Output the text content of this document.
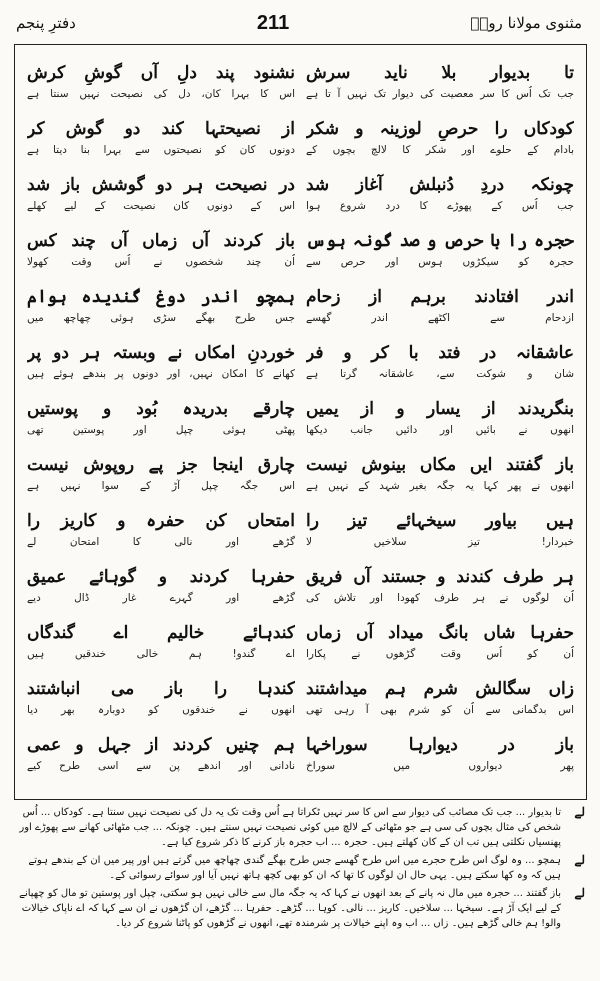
دفترِ پنجم	211	مثنوی مولانا رومؒ
تا بدیوار بلا ناید سرش
نشنود پند دلِ آں گوشِ کرش
جب تک اُس کا سر معصیت کی دیوار تک نہیں آ تا ہے
اس کا بہرا کان، دل کی نصیحت نہیں سنتا ہے
کودکاں را حرصِ لوزینہ و شکر
از نصیحتہا کند دو گوش کر
بادام کے حلوے اور شکر کا لالچ بچوں کے
دونوں کان کو نصیحتوں سے بہرا بنا دیتا ہے
چونکہ دردِ دُنبلش آغاز شد
در نصیحت ہر دو گوشش باز شد
جب اُس کے پھوڑے کا درد شروع ہوا
اس کے دونوں کان نصیحت کے لیے کھلے
حجرہ را با حرص و صد گونہ ہوس
باز کردند آں زماں آں چند کس
حجرہ کو سیکڑوں ہوس اور حرص سے
اُن چند شخصوں نے اُس وقت کھولا
اندر افتادند برہم از زحام
ہمچو اندر دوغ گندیدہ ہوام
ازدحام سے اکٹھے اندر گھسے
جس طرح بھگے سڑی ہوئی چھاچھ میں
عاشقانہ در فتد با کر و فر
خوردنِ امکاں نے وبستہ ہر دو پر
شان و شوکت سے، عاشقانہ گرتا ہے
کھانے کا امکان نہیں، اور دونوں پر بندھے ہوئے ہیں
بنگریدند از یسار و از یمیں
چارقے بدریدہ بُود و پوستیں
انھوں نے بائیں اور دائیں جانب دیکھا
پھٹی ہوئی چپل اور پوستین تھی
باز گفتند ایں مکاں بینوش نیست
چارق اینجا جز پے روپوش نیست
انھوں نے پھر کہا یہ جگہ بغیر شہد کے نہیں ہے
اس جگہ چپل آڑ کے سوا نہیں ہے
ہیں بیاور سیخہائے تیز را
امتحاں کن حفرہ و کاریز را
خبردار! تیز سلاخیں لا
گڑھے اور نالی کا امتحان لے
ہر طرف کندند و جستند آں فریق
حفرہا کردند و گوہائے عمیق
اُن لوگوں نے ہر طرف کھودا اور تلاش کی
گڑھے اور گہرے غار ڈال دیے
حفرہا شاں بانگ میداد آں زماں
کندہائے خالیم اے گندگاں
اُن کو اُس وقت گڑھوں نے پکارا
اے گندو! ہم خالی خندقیں ہیں
زاں سگالش شرم ہم میداشتند
کندہا را باز می انباشتند
اس بدگمانی سے اُن کو شرم بھی آ رہی تھی
انھوں نے خندقوں کو دوبارہ بھر دیا
باز در دیوارہا سوراخہا
ہم چنیں کردند از جہل و عمی
پھر دیواروں میں سوراخ
نادانی اور اندھے پن سے اسی طرح کیے
لے
تا بدیوار ... جب تک مصائب کی دیوار سے اس کا سر نہیں ٹکراتا ہے اُس وقت تک یہ دل کی نصیحت نہیں سنتا ہے۔ کودکاں ... اُس شخص کی مثال بچوں کی سی ہے جو مٹھائی کے لالچ میں کوئی نصیحت نہیں سنتے ہیں۔ چونکہ ... جب مٹھائی کھانے سے پھوڑے اور پھنسیاں نکلتی ہیں تب ان کے کان کھلتے ہیں۔ حجرہ ... اب حجرہ باز کرنے کا ذکر شروع کیا ہے۔
لے
ہمچو ... وہ لوگ اس طرح حجرے میں اس طرح گھسے جس طرح بھگے گندی چھاچھ میں گرتے ہیں اور پیر میں ان کے بندھے ہوتے ہیں کہ وہ کھا سکتے ہیں۔ یہی حال ان لوگوں کا تھا کہ ان کو بھی کچھ ہاتھ نہیں آیا اور سوائے رسوائی کے۔
لے
باز گفتند ... حجرہ میں مال نہ پانے کے بعد انھوں نے کہا کہ یہ جگہ مال سے خالی نہیں ہو سکتی، چپل اور پوستین تو مال کو چھپانے کے لیے ایک آڑ ہے۔ سیخہا ... سلاخیں۔ کاریز ... نالی۔ کوہا ... گڑھے۔ حفرہا ... گڑھے، ان گڑھوں نے ان سے کہا کہ اے ناپاک خیالات والو! ہم خالی گڑھے ہیں۔ زاں ... اب وہ اپنے خیالات پر شرمندہ تھے، انھوں نے گڑھوں کو پاٹنا شروع کر دیا۔
